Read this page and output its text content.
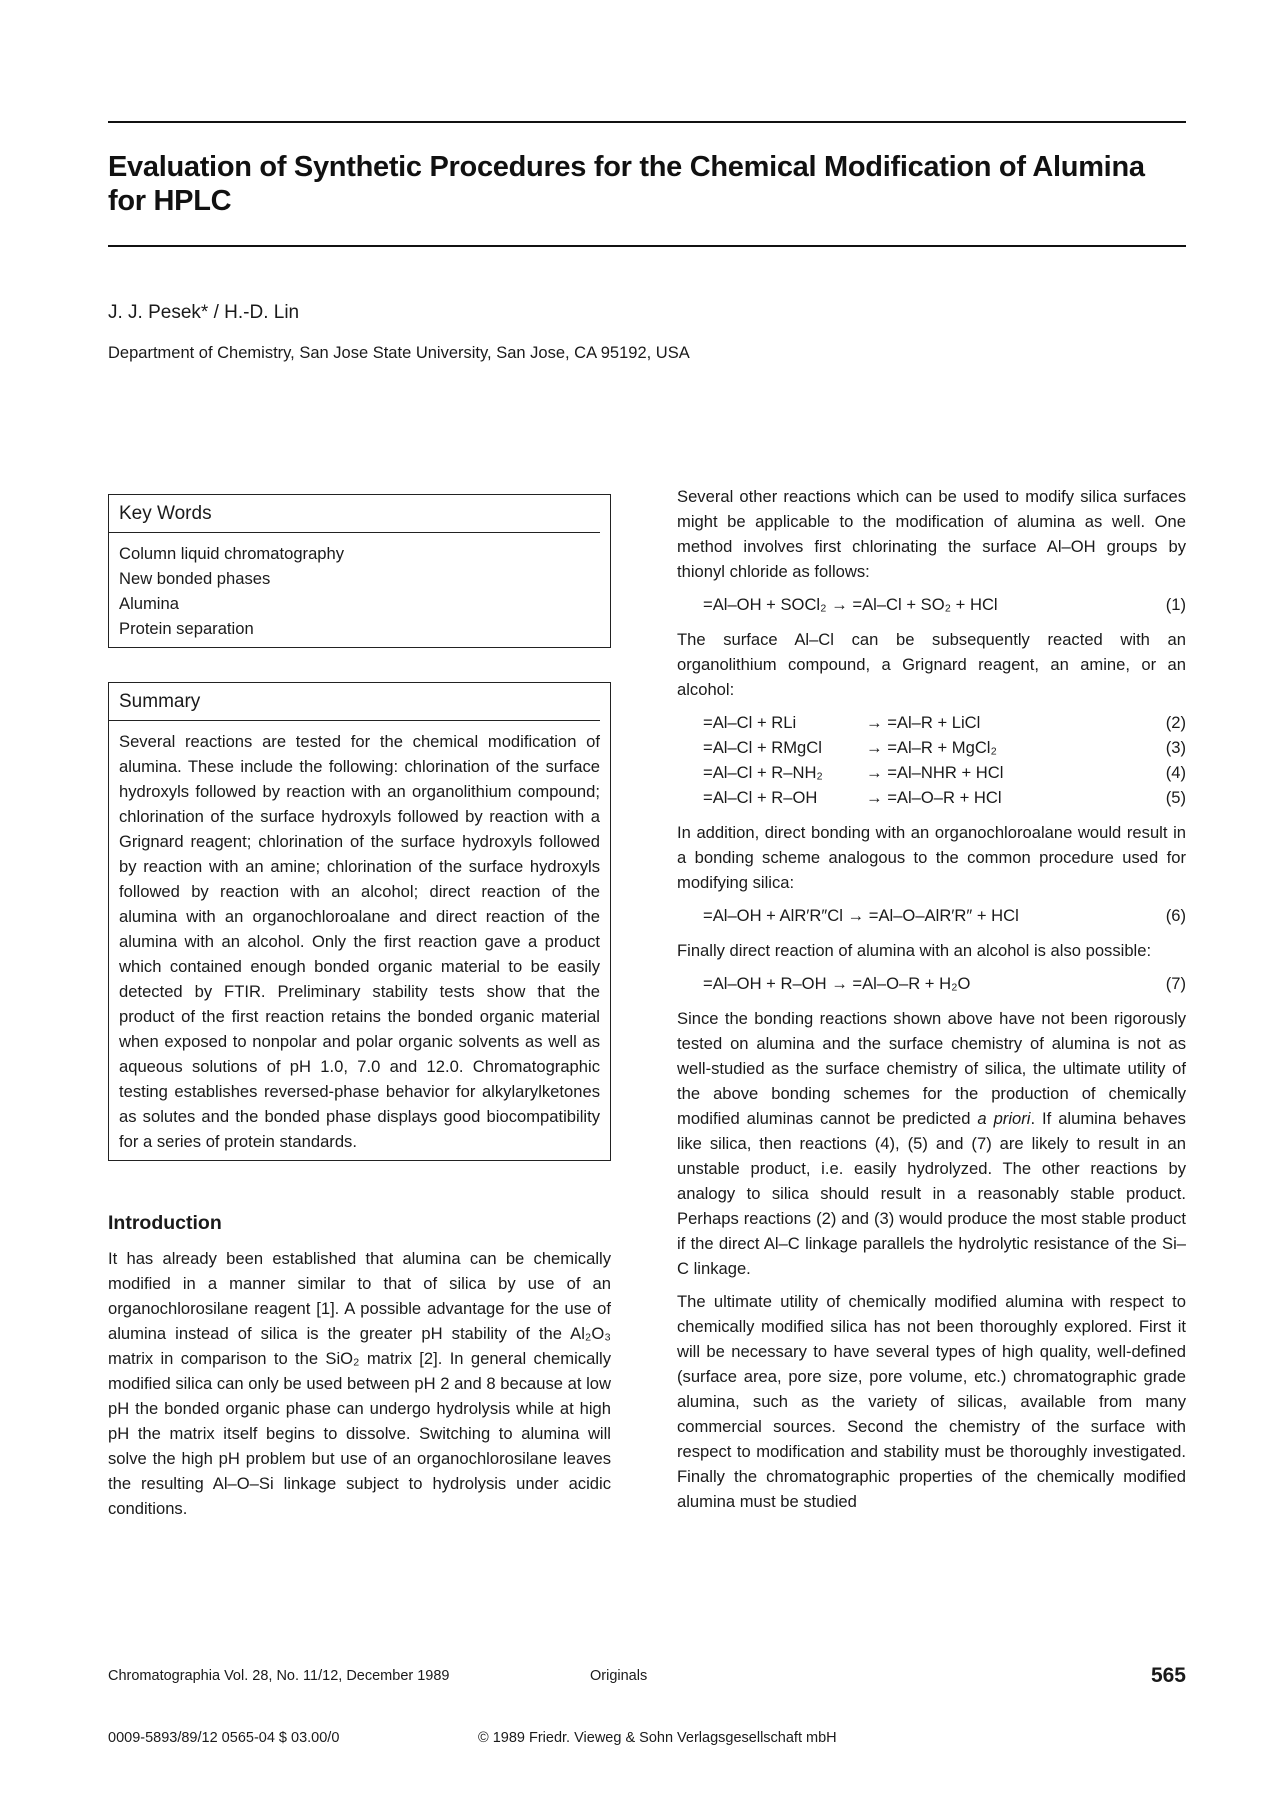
Evaluation of Synthetic Procedures for the Chemical Modification of Alumina for HPLC
J. J. Pesek* / H.-D. Lin
Department of Chemistry, San Jose State University, San Jose, CA 95192, USA
Key Words
Column liquid chromatography
New bonded phases
Alumina
Protein separation
Summary

Several reactions are tested for the chemical modification of alumina. These include the following: chlorination of the surface hydroxyls followed by reaction with an organolithium compound; chlorination of the surface hydroxyls followed by reaction with a Grignard reagent; chlorination of the surface hydroxyls followed by reaction with an amine; chlorination of the surface hydroxyls followed by reaction with an alcohol; direct reaction of the alumina with an organochloroalane and direct reaction of the alumina with an alcohol. Only the first reaction gave a product which contained enough bonded organic material to be easily detected by FTIR. Preliminary stability tests show that the product of the first reaction retains the bonded organic material when exposed to nonpolar and polar organic solvents as well as aqueous solutions of pH 1.0, 7.0 and 12.0. Chromatographic testing establishes reversed-phase behavior for alkylarylketones as solutes and the bonded phase displays good biocompatibility for a series of protein standards.

Introduction

It has already been established that alumina can be chemically modified in a manner similar to that of silica by use of an organochlorosilane reagent [1]. A possible advantage for the use of alumina instead of silica is the greater pH stability of the Al₂O₃ matrix in comparison to the SiO₂ matrix [2]. In general chemically modified silica can only be used between pH 2 and 8 because at low pH the bonded organic phase can undergo hydrolysis while at high pH the matrix itself begins to dissolve. Switching to alumina will solve the high pH problem but use of an organochlorosilane leaves the resulting Al–O–Si linkage subject to hydrolysis under acidic conditions.

Several other reactions which can be used to modify silica surfaces might be applicable to the modification of alumina as well. One method involves first chlorinating the surface Al–OH groups by thionyl chloride as follows:

=Al–OH + SOCl₂ → =Al–Cl + SO₂ + HCl	(1)

The surface Al–Cl can be subsequently reacted with an organolithium compound, a Grignard reagent, an amine, or an alcohol:

=Al–Cl + RLi	→ =Al–R + LiCl	(2)
=Al–Cl + RMgCl	→ =Al–R + MgCl₂	(3)
=Al–Cl + R–NH₂	→ =Al–NHR + HCl	(4)
=Al–Cl + R–OH	→ =Al–O–R + HCl	(5)

In addition, direct bonding with an organochloroalane would result in a bonding scheme analogous to the common procedure used for modifying silica:

=Al–OH + AlR′R″Cl → =Al–O–AlR′R″ + HCl	(6)

Finally direct reaction of alumina with an alcohol is also possible:

=Al–OH + R–OH → =Al–O–R + H₂O	(7)

Since the bonding reactions shown above have not been rigorously tested on alumina and the surface chemistry of alumina is not as well-studied as the surface chemistry of silica, the ultimate utility of the above bonding schemes for the production of chemically modified aluminas cannot be predicted a priori. If alumina behaves like silica, then reactions (4), (5) and (7) are likely to result in an unstable product, i.e. easily hydrolyzed. The other reactions by analogy to silica should result in a reasonably stable product. Perhaps reactions (2) and (3) would produce the most stable product if the direct Al–C linkage parallels the hydrolytic resistance of the Si–C linkage.

The ultimate utility of chemically modified alumina with respect to chemically modified silica has not been thoroughly explored. First it will be necessary to have several types of high quality, well-defined (surface area, pore size, pore volume, etc.) chromatographic grade alumina, such as the variety of silicas, available from many commercial sources. Second the chemistry of the surface with respect to modification and stability must be thoroughly investigated. Finally the chromatographic properties of the chemically modified alumina must be studied

Chromatographia Vol. 28, No. 11/12, December 1989	Originals	565
0009-5893/89/12 0565-04 $ 03.00/0	© 1989 Friedr. Vieweg & Sohn Verlagsgesellschaft mbH
